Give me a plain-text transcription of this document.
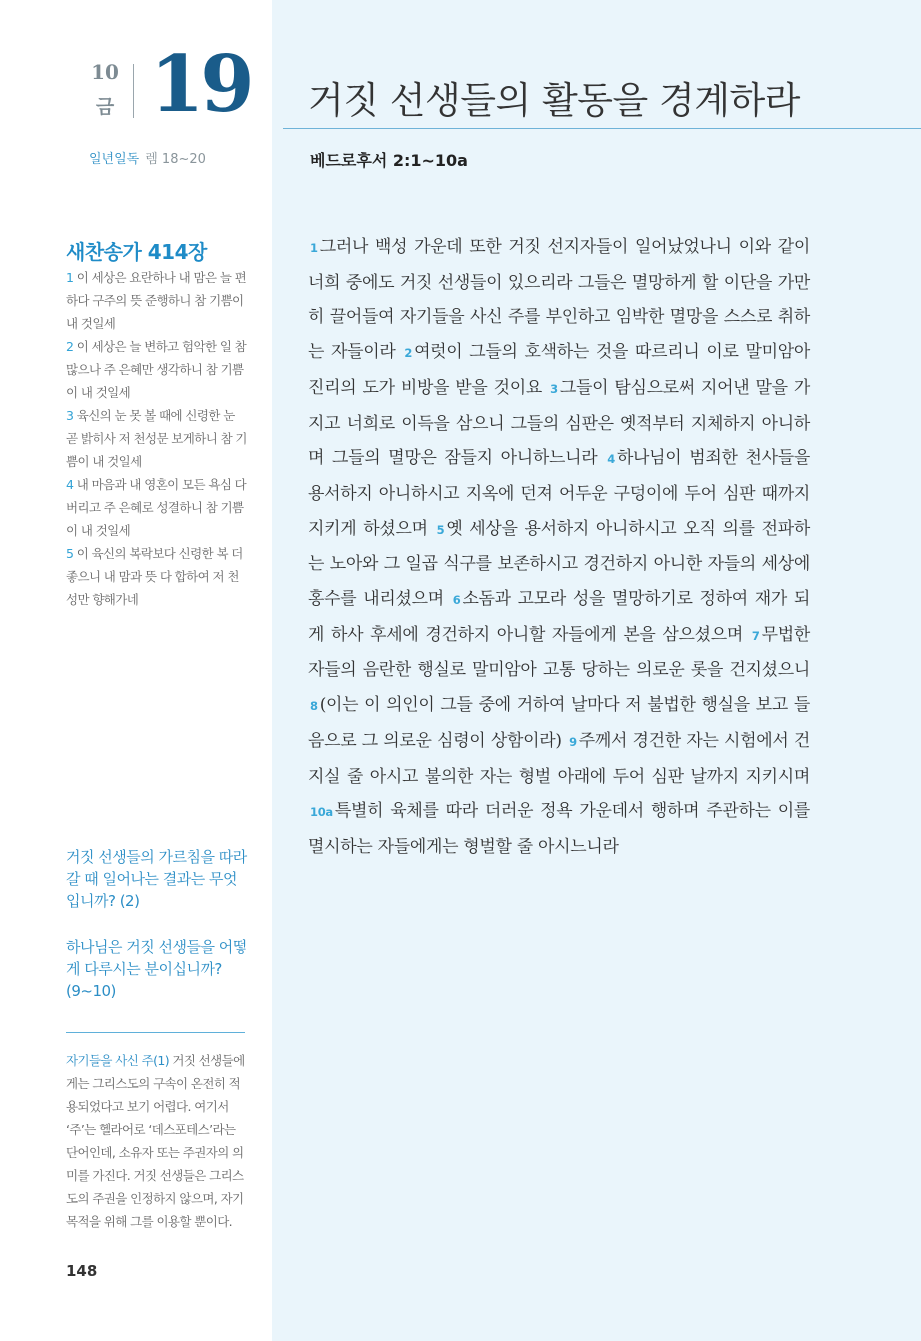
10
금 19
일년일독 렘 18~20
거짓 선생들의 활동을 경계하라
베드로후서 2:1~10a
새찬송가 414장
1 이 세상은 요란하나 내 맘은 늘 편하다 구주의 뜻 준행하니 참 기쁨이 내 것일세
2 이 세상은 늘 변하고 험악한 일 참 많으나 주 은혜만 생각하니 참 기쁨이 내 것일세
3 육신의 눈 못 볼 때에 신령한 눈 곧 밝히사 저 천성문 보게하니 참 기쁨이 내 것일세
4 내 마음과 내 영혼이 모든 욕심 다 버리고 주 은혜로 성결하니 참 기쁨이 내 것일세
5 이 육신의 복락보다 신령한 복 더 좋으니 내 맘과 뜻 다 합하여 저 천성만 향해가네

거짓 선생들의 가르침을 따라갈 때 일어나는 결과는 무엇입니까? (2)

하나님은 거짓 선생들을 어떻게 다루시는 분이십니까? (9~10)

자기들을 사신 주(1) 거짓 선생들에게는 그리스도의 구속이 온전히 적용되었다고 보기 어렵다. 여기서 ‘주’는 헬라어로 ‘데스포테스’라는 단어인데, 소유자 또는 주권자의 의미를 가진다. 거짓 선생들은 그리스도의 주권을 인정하지 않으며, 자기 목적을 위해 그를 이용할 뿐이다.
148
1 그러나 백성 가운데 또한 거짓 선지자들이 일어났었나니 이와 같이 너희 중에도 거짓 선생들이 있으리라 그들은 멸망하게 할 이단을 가만히 끌어들여 자기들을 사신 주를 부인하고 임박한 멸망을 스스로 취하는 자들이라 2 여럿이 그들의 호색하는 것을 따르리니 이로 말미암아 진리의 도가 비방을 받을 것이요 3 그들이 탐심으로써 지어낸 말을 가지고 너희로 이득을 삼으니 그들의 심판은 옛적부터 지체하지 아니하며 그들의 멸망은 잠들지 아니하느니라 4 하나님이 범죄한 천사들을 용서하지 아니하시고 지옥에 던져 어두운 구덩이에 두어 심판 때까지 지키게 하셨으며 5 옛 세상을 용서하지 아니하시고 오직 의를 전파하는 노아와 그 일곱 식구를 보존하시고 경건하지 아니한 자들의 세상에 홍수를 내리셨으며 6 소돔과 고모라 성을 멸망하기로 정하여 재가 되게 하사 후세에 경건하지 아니할 자들에게 본을 삼으셨으며 7 무법한 자들의 음란한 행실로 말미암아 고통 당하는 의로운 롯을 건지셨으니 8 (이는 이 의인이 그들 중에 거하여 날마다 저 불법한 행실을 보고 들음으로 그 의로운 심령이 상함이라) 9 주께서 경건한 자는 시험에서 건지실 줄 아시고 불의한 자는 형벌 아래에 두어 심판 날까지 지키시며 10a 특별히 육체를 따라 더러운 정욕 가운데서 행하며 주관하는 이를 멸시하는 자들에게는 형벌할 줄 아시느니라
